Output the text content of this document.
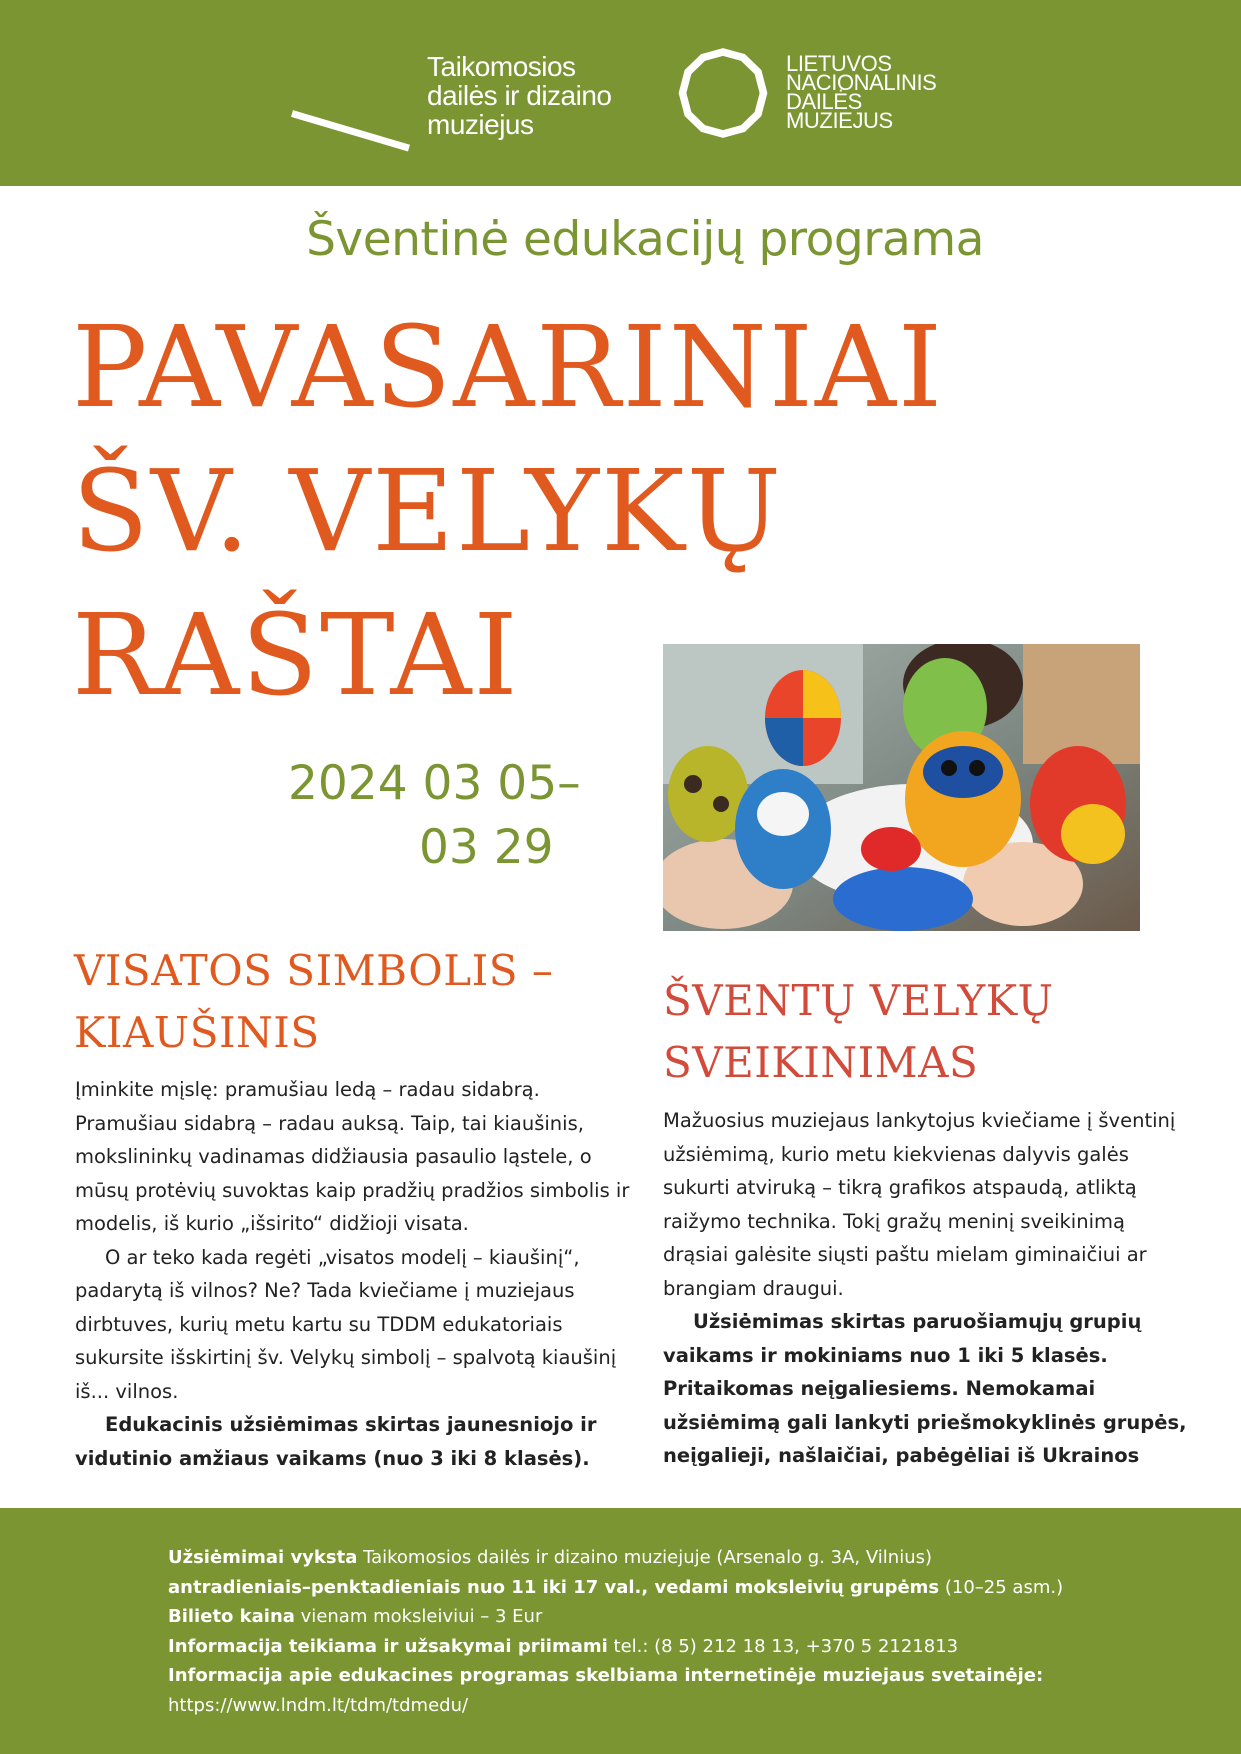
Taikomosios
dailės ir dizaino
muziejus
LIETUVOS
NACIONALINIS
DAILĖS
MUZIEJUS
Šventinė edukacijų programa
PAVASARINIAI
ŠV. VELYKŲ
RAŠTAI
2024 03 05–
03 29
VISATOS SIMBOLIS –
KIAUŠINIS

Įminkite mįslę: pramušiau ledą – radau sidabrą. Pramušiau sidabrą – radau auksą. Taip, tai kiaušinis, mokslininkų vadinamas didžiausia pasaulio ląstele, o mūsų protėvių suvoktas kaip pradžių pradžios simbolis ir modelis, iš kurio „išsirito“ didžioji visata.

O ar teko kada regėti „visatos modelį – kiaušinį“, padarytą iš vilnos? Ne? Tada kviečiame į muziejaus dirbtuves, kurių metu kartu su TDDM edukatoriais sukursite išskirtinį šv. Velykų simbolį – spalvotą kiaušinį iš... vilnos.

Edukacinis užsiėmimas skirtas jaunesniojo ir vidutinio amžiaus vaikams (nuo 3 iki 8 klasės).

ŠVENTŲ VELYKŲ
SVEIKINIMAS

Mažuosius muziejaus lankytojus kviečiame į šventinį užsiėmimą, kurio metu kiekvienas dalyvis galės sukurti atviruką – tikrą grafikos atspaudą, atliktą raižymo technika. Tokį gražų meninį sveikinimą drąsiai galėsite siųsti paštu mielam giminaičiui ar brangiam draugui.

Užsiėmimas skirtas paruošiamųjų grupių vaikams ir mokiniams nuo 1 iki 5 klasės. Pritaikomas neįgaliesiems. Nemokamai užsiėmimą gali lankyti priešmokyklinės grupės, neįgalieji, našlaičiai, pabėgėliai iš Ukrainos

Užsiėmimai vyksta Taikomosios dailės ir dizaino muziejuje (Arsenalo g. 3A, Vilnius)

antradieniais–penktadieniais nuo 11 iki 17 val., vedami moksleivių grupėms (10–25 asm.)

Bilieto kaina vienam moksleiviui – 3 Eur

Informacija teikiama ir užsakymai priimami tel.: (8 5) 212 18 13, +370 5 2121813

Informacija apie edukacines programas skelbiama internetinėje muziejaus svetainėje:

https://www.lndm.lt/tdm/tdmedu/
